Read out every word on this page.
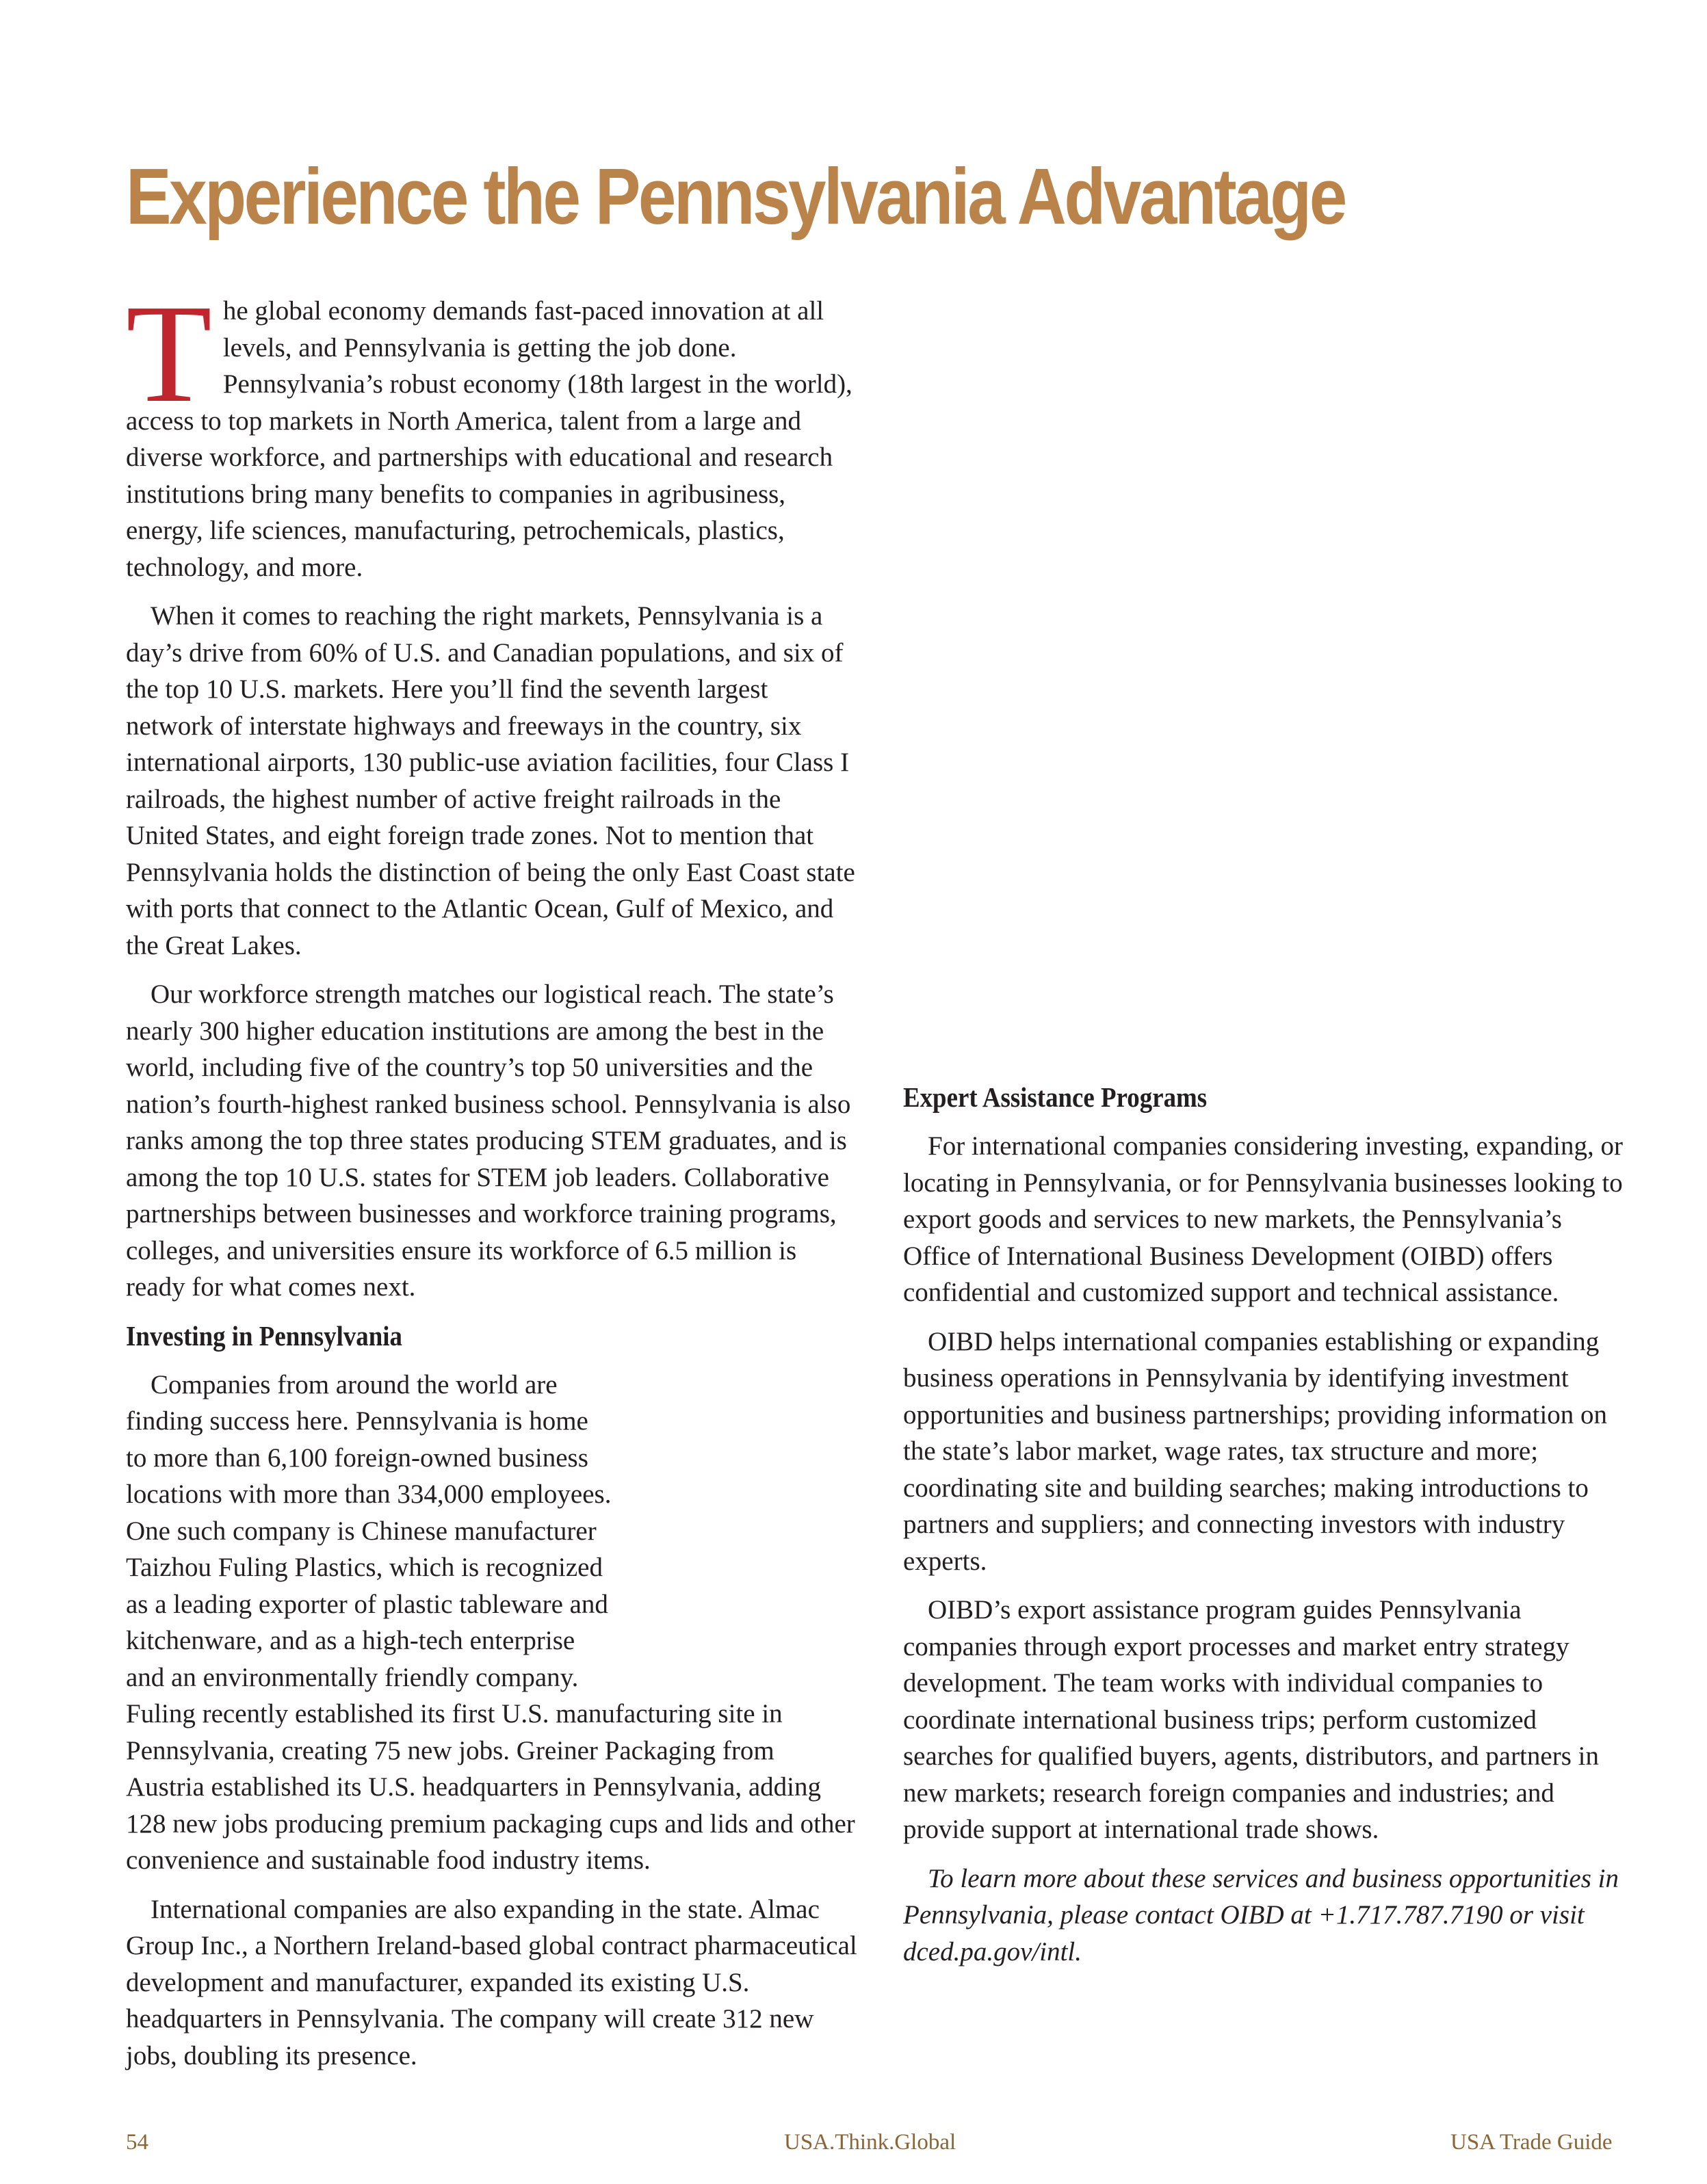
Experience the Pennsylvania Advantage

The global economy demands fast-paced innovation at all levels, and Pennsylvania is getting the job done. Pennsylvania’s robust economy (18th largest in the world), access to top markets in North America, talent from a large and diverse workforce, and partnerships with educational and research institutions bring many benefits to companies in agribusiness, energy, life sciences, manufacturing, petrochemicals, plastics, technology, and more.

When it comes to reaching the right markets, Pennsylvania is a day’s drive from 60% of U.S. and Canadian populations, and six of the top 10 U.S. markets. Here you’ll find the seventh largest network of interstate highways and freeways in the country, six international airports, 130 public-use aviation facilities, four Class I railroads, the highest number of active freight railroads in the United States, and eight foreign trade zones. Not to mention that Pennsylvania holds the distinction of being the only East Coast state with ports that connect to the Atlantic Ocean, Gulf of Mexico, and the Great Lakes.

Our workforce strength matches our logistical reach. The state’s nearly 300 higher education institutions are among the best in the world, including five of the country’s top 50 universities and the nation’s fourth-highest ranked business school. Pennsylvania is also ranks among the top three states producing STEM graduates, and is among the top 10 U.S. states for STEM job leaders. Collaborative partnerships between businesses and workforce training programs, colleges, and universities ensure its workforce of 6.5 million is ready for what comes next.

Investing in Pennsylvania

Companies from around the world are finding success here. Pennsylvania is home to more than 6,100 foreign-owned business locations with more than 334,000 employees. One such company is Chinese manufacturer Taizhou Fuling Plastics, which is recognized as a leading exporter of plastic tableware and kitchenware, and as a high-tech enterprise and an environmentally friendly company. Fuling recently established its first U.S. manufacturing site in Pennsylvania, creating 75 new jobs. Greiner Packaging from Austria established its U.S. headquarters in Pennsylvania, adding 128 new jobs producing premium packaging cups and lids and other convenience and sustainable food industry items.

International companies are also expanding in the state. Almac Group Inc., a Northern Ireland-based global contract pharmaceutical development and manufacturer, expanded its existing U.S. headquarters in Pennsylvania. The company will create 312 new jobs, doubling its presence.

Expert Assistance Programs

For international companies considering investing, expanding, or locating in Pennsylvania, or for Pennsylvania businesses looking to export goods and services to new markets, the Pennsylvania’s Office of International Business Development (OIBD) offers confidential and customized support and technical assistance.

OIBD helps international companies establishing or expanding business operations in Pennsylvania by identifying investment opportunities and business partnerships; providing information on the state’s labor market, wage rates, tax structure and more; coordinating site and building searches; making introductions to partners and suppliers; and connecting investors with industry experts.

OIBD’s export assistance program guides Pennsylvania companies through export processes and market entry strategy development. The team works with individual companies to coordinate international business trips; perform customized searches for qualified buyers, agents, distributors, and partners in new markets; research foreign companies and industries; and provide support at international trade shows.

To learn more about these services and business opportunities in Pennsylvania, please contact OIBD at +1.717.787.7190 or visit dced.pa.gov/intl.

54	USA.Think.Global	USA Trade Guide
